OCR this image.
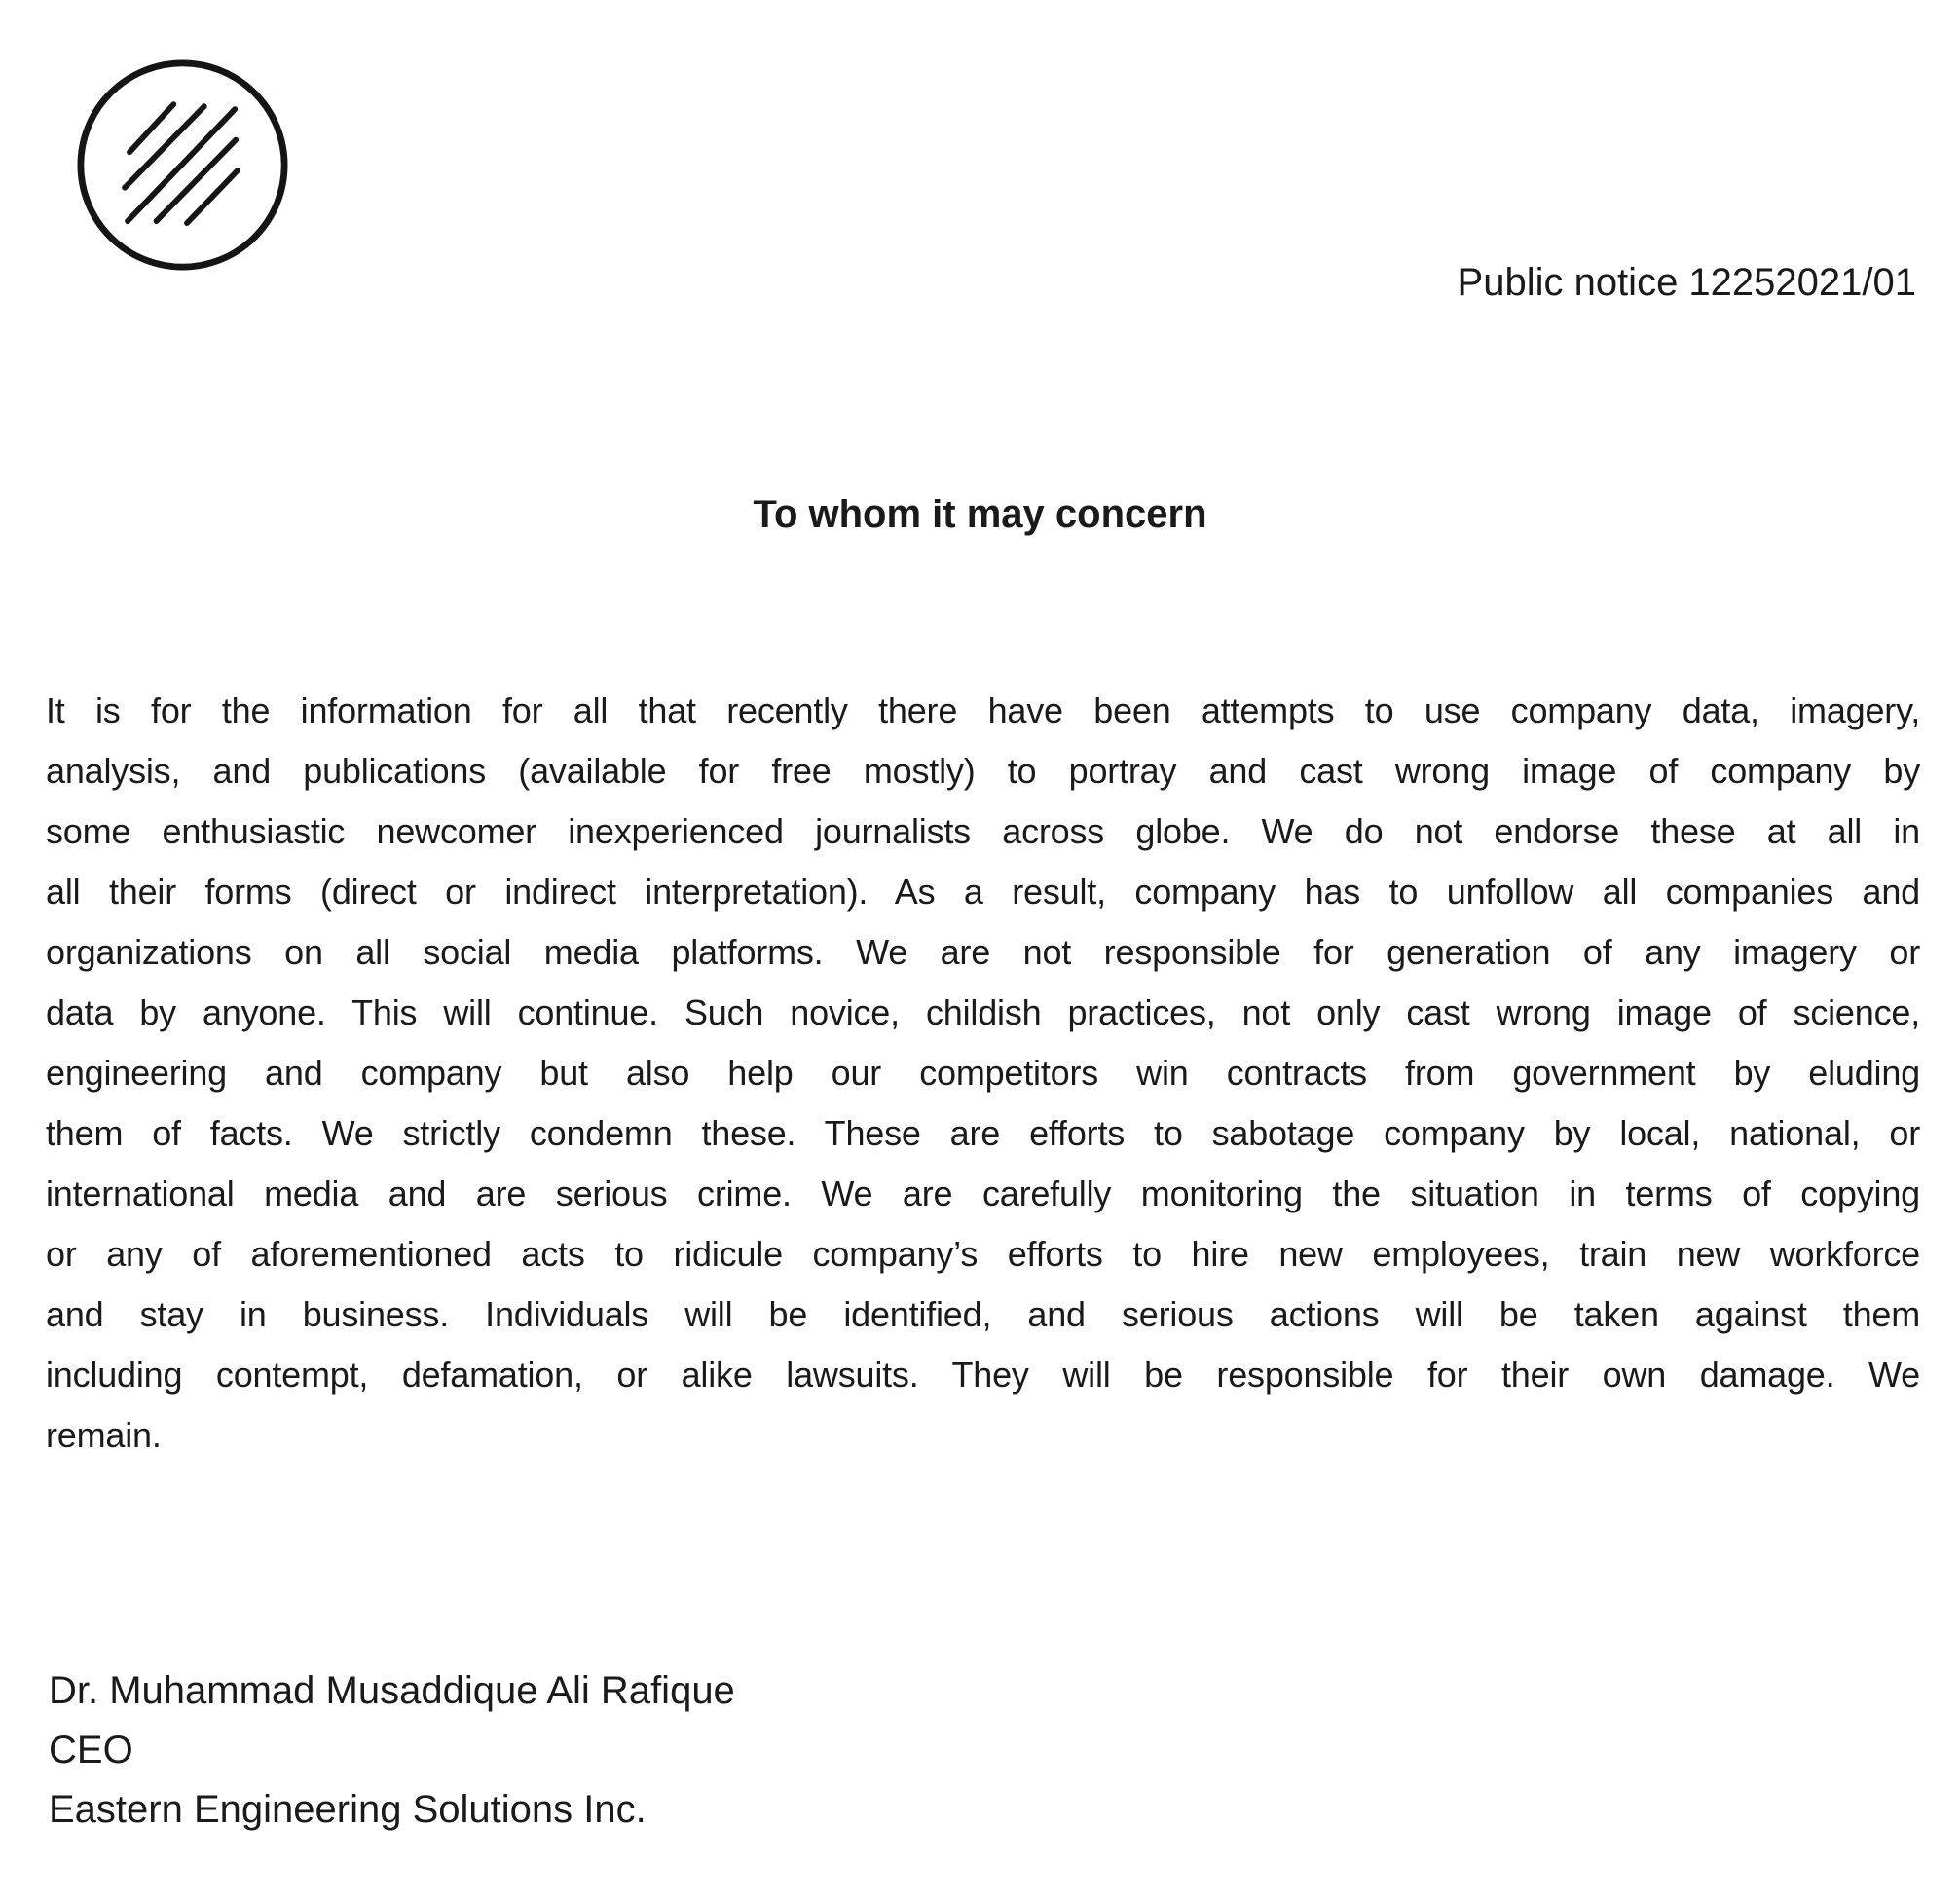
Public notice 12252021/01
To whom it may concern
It is for the information for all that recently there have been attempts to use company data, imagery,
analysis, and publications (available for free mostly) to portray and cast wrong image of company by
some enthusiastic newcomer inexperienced journalists across globe. We do not endorse these at all in
all their forms (direct or indirect interpretation). As a result, company has to unfollow all companies and
organizations on all social media platforms. We are not responsible for generation of any imagery or
data by anyone. This will continue. Such novice, childish practices, not only cast wrong image of science,
engineering and company but also help our competitors win contracts from government by eluding
them of facts. We strictly condemn these. These are efforts to sabotage company by local, national, or
international media and are serious crime. We are carefully monitoring the situation in terms of copying
or any of aforementioned acts to ridicule company’s efforts to hire new employees, train new workforce
and stay in business. Individuals will be identified, and serious actions will be taken against them
including contempt, defamation, or alike lawsuits. They will be responsible for their own damage. We
remain.
Dr. Muhammad Musaddique Ali Rafique
CEO
Eastern Engineering Solutions Inc.
